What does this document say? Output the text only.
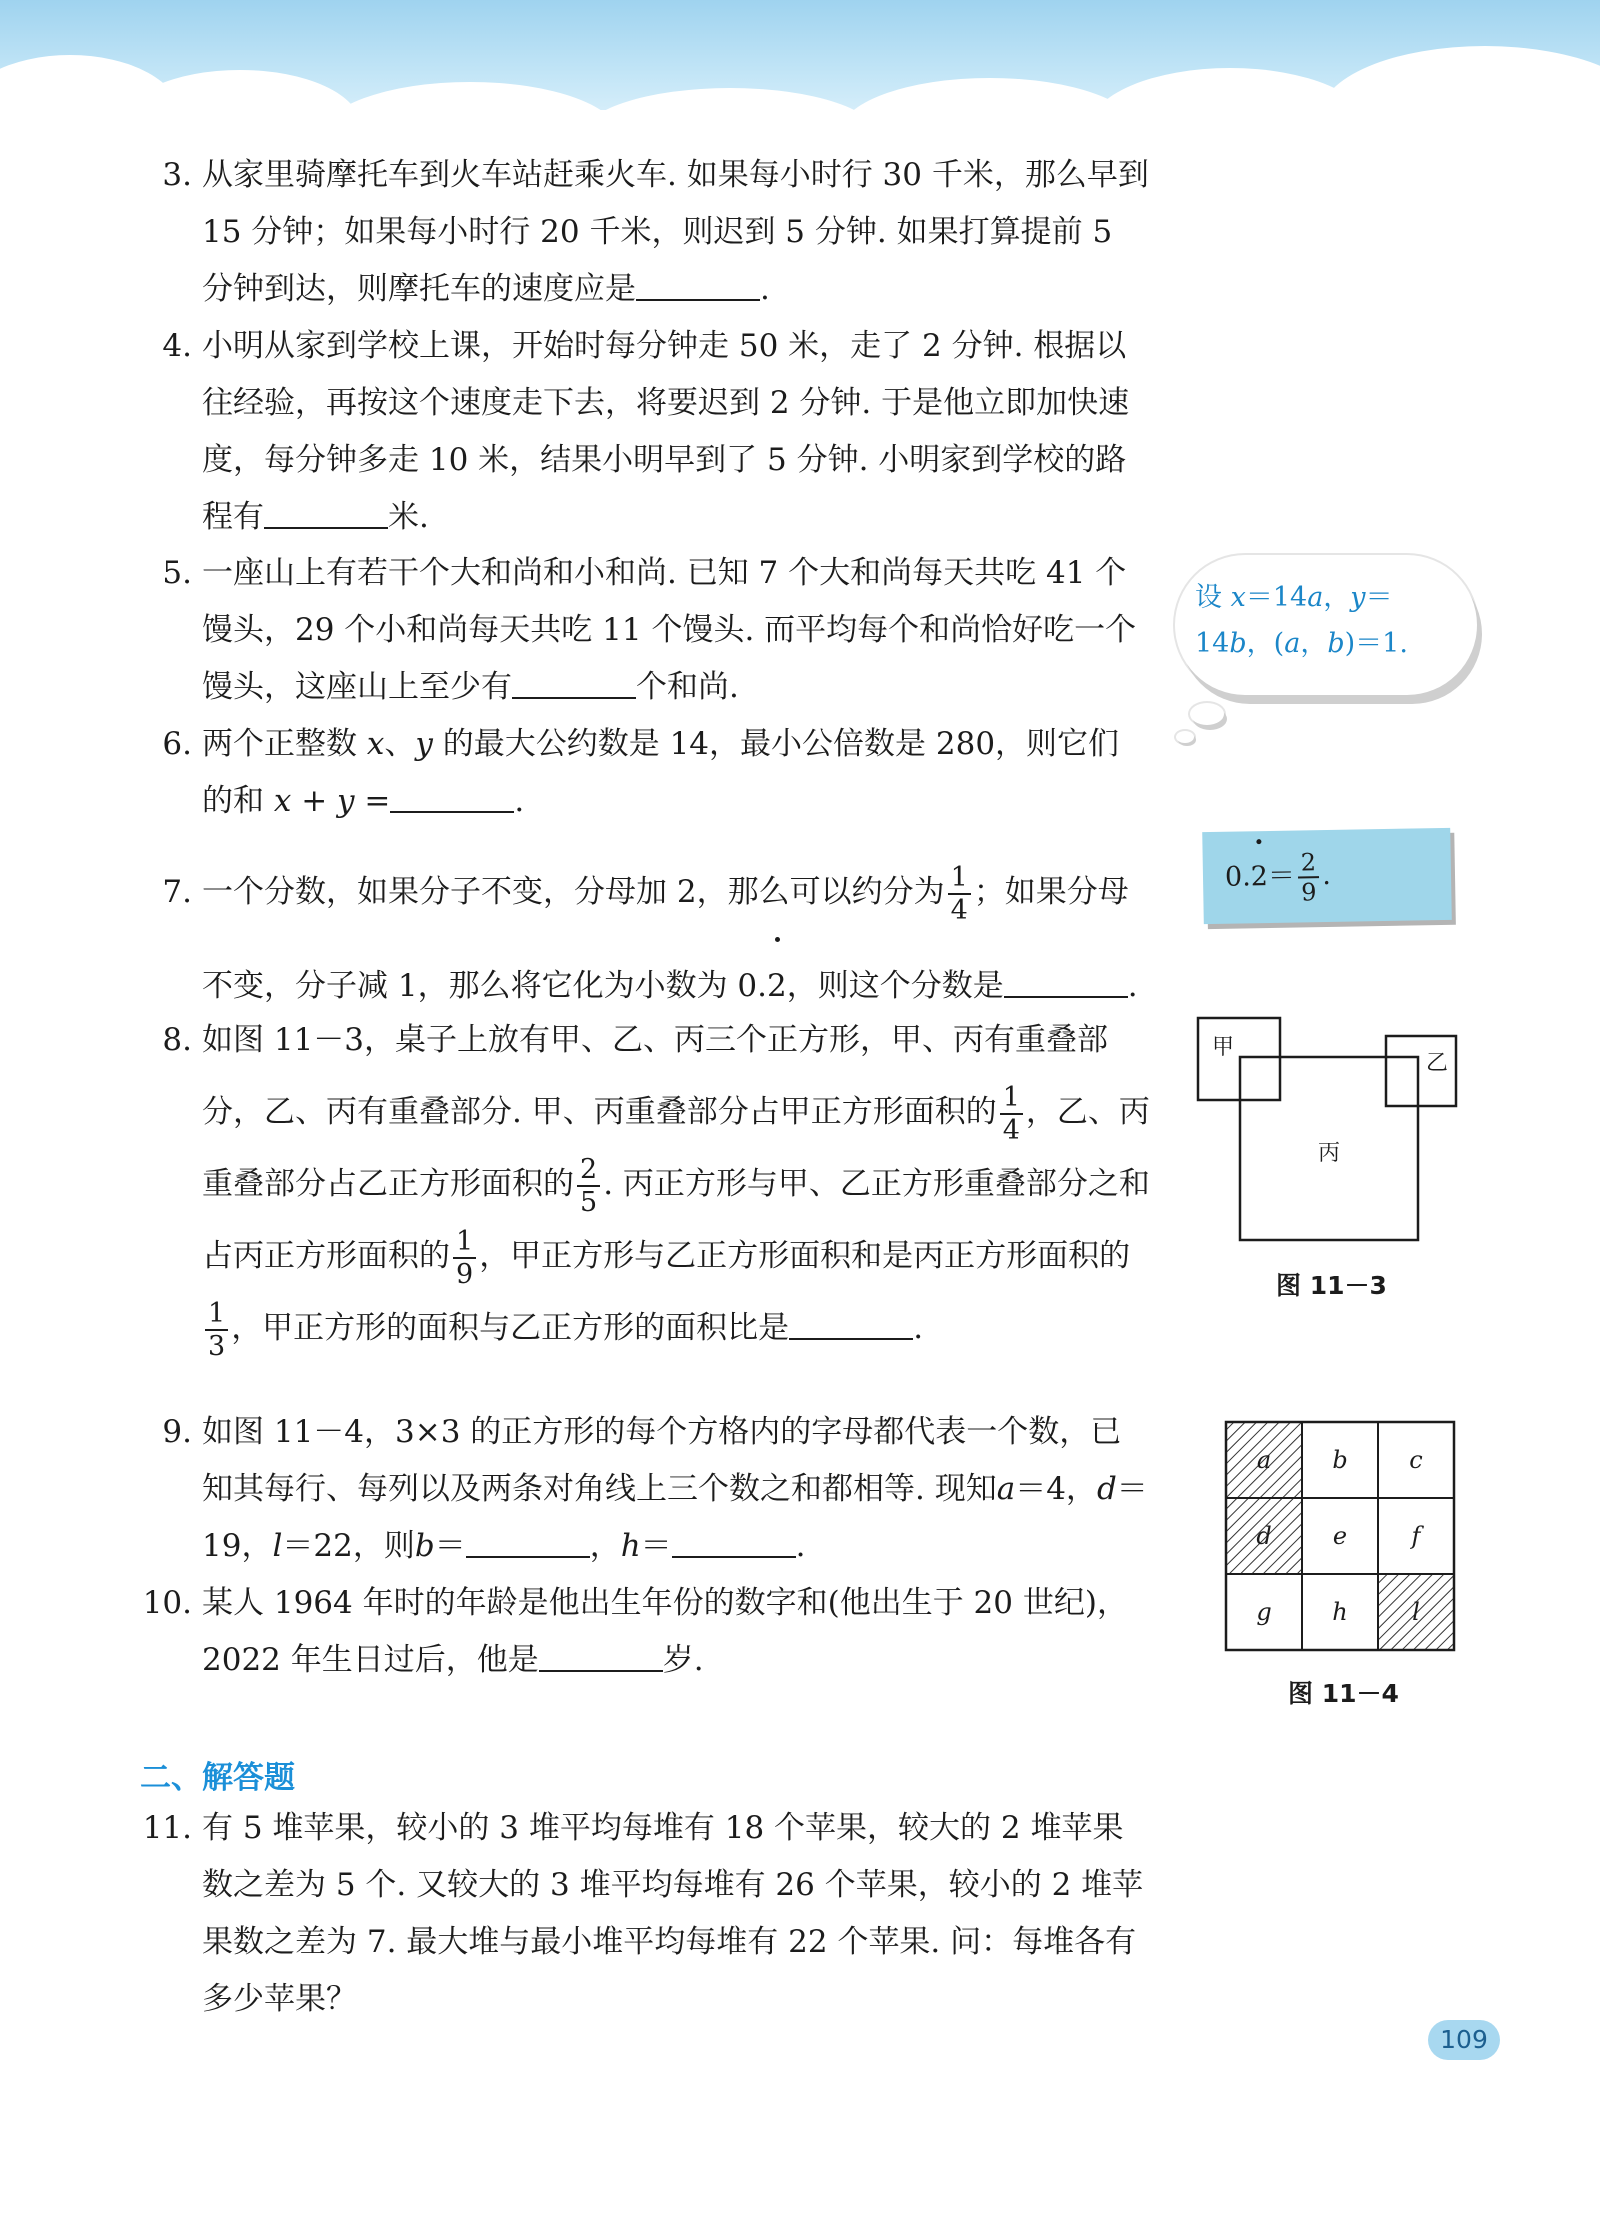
3. 从家里骑摩托车到火车站赶乘火车. 如果每小时行 30 千米，那么早到 15 分钟；如果每小时行 20 千米，则迟到 5 分钟. 如果打算提前 5 分钟到达，则摩托车的速度应是	.
4. 小明从家到学校上课，开始时每分钟走 50 米，走了 2 分钟. 根据以往经验，再按这个速度走下去，将要迟到 2 分钟. 于是他立即加快速度，每分钟多走 10 米，结果小明早到了 5 分钟. 小明家到学校的路程有	米.
5. 一座山上有若干个大和尚和小和尚. 已知 7 个大和尚每天共吃 41 个馒头，29 个小和尚每天共吃 11 个馒头. 而平均每个和尚恰好吃一个馒头，这座山上至少有	个和尚.
6. 两个正整数 x、y 的最大公约数是 14，最小公倍数是 280，则它们的和 x + y =	.
7. 一个分数，如果分子不变，分母加 2，那么可以约分为 $\frac{1}{4}$ ；如果分母不变，分子减 1，那么将它化为小数为 0.2，则这个分数是	.
8. 如图 11－3，桌子上放有甲、乙、丙三个正方形，甲、丙有重叠部分，乙、丙有重叠部分. 甲、丙重叠部分占甲正方形面积的 $\frac{1}{4}$ ，乙、丙重叠部分占乙正方形面积的 $\frac{2}{5}$ . 丙正方形与甲、乙正方形重叠部分之和占丙正方形面积的 $\frac{1}{9}$ ，甲正方形与乙正方形面积和是丙正方形面积的
$\frac{1}{3}$ ，甲正方形的面积与乙正方形的面积比是	.
9. 如图 11－4，3×3 的正方形的每个方格内的字母都代表一个数，已知其每行、每列以及两条对角线上三个数之和都相等. 现知a＝4，d＝19，l＝22，则b＝	，h＝	.
10. 某人 1964 年时的年龄是他出生年份的数字和(他出生于 20 世纪)，2022 年生日过后，他是	岁.
二、解答题
11. 有 5 堆苹果，较小的 3 堆平均每堆有 18 个苹果，较大的 2 堆苹果数之差为 5 个. 又较大的 3 堆平均每堆有 26 个苹果，较小的 2 堆苹果数之差为 7. 最大堆与最小堆平均每堆有 22 个苹果. 问：每堆各有多少苹果？
设 x＝14a，y＝14b，(a，b)＝1.
$0.2= \frac{2}{9}$ .
甲
乙
丙
图 11－3
a	b	c
d	e	f
g	h	l
图 11－4
109
